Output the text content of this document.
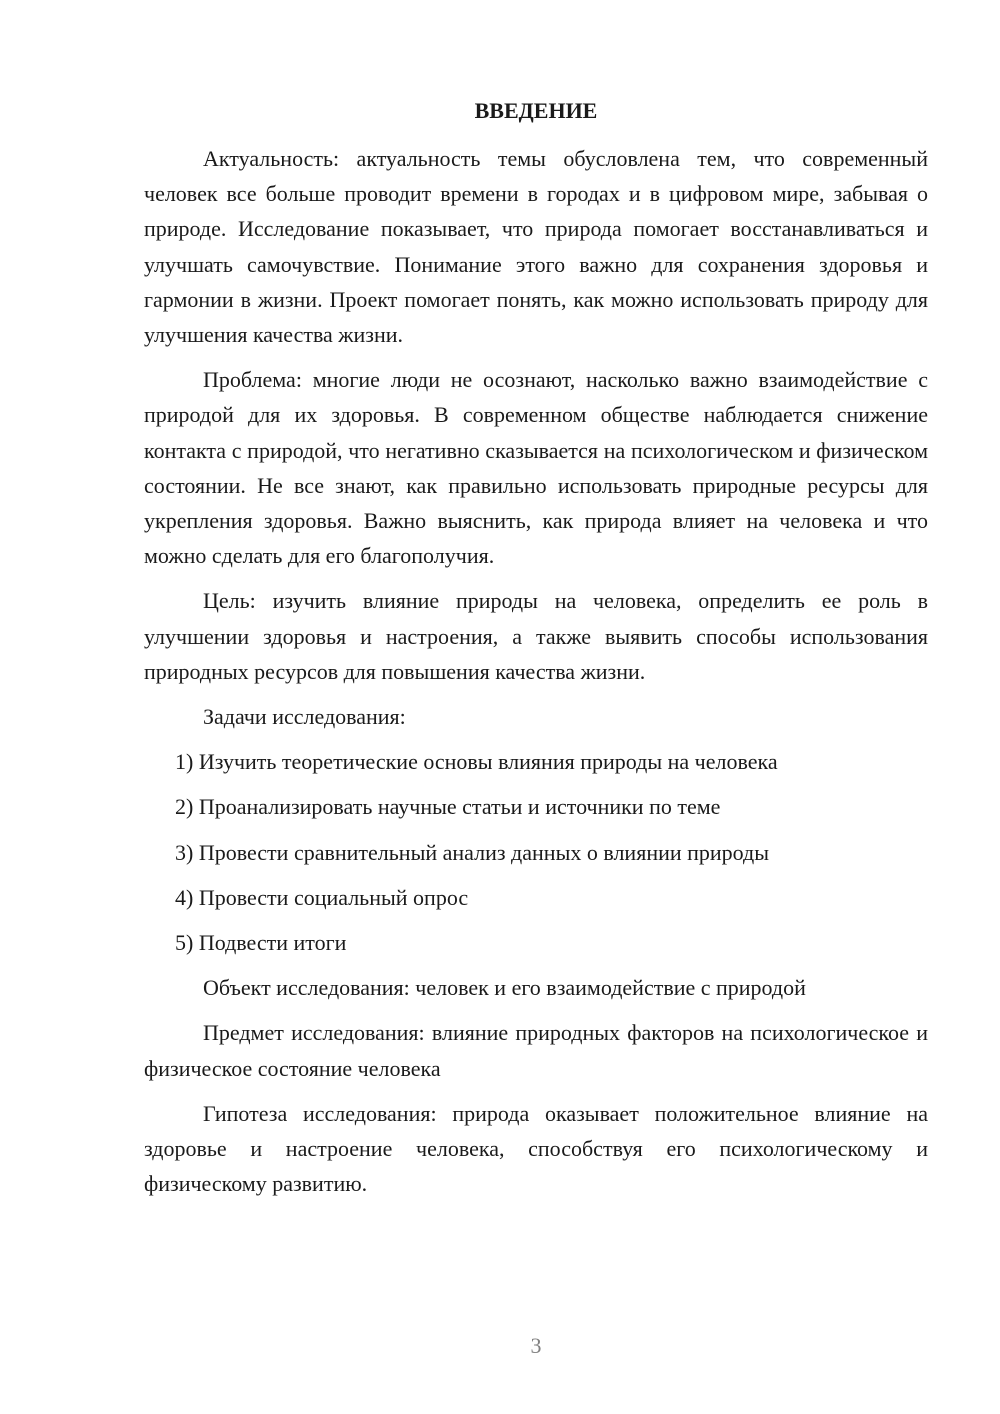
ВВЕДЕНИЕ

Актуальность: актуальность темы обусловлена тем, что современный человек все больше проводит времени в городах и в цифровом мире, забывая о природе. Исследование показывает, что природа помогает восстанавливаться и улучшать самочувствие. Понимание этого важно для сохранения здоровья и гармонии в жизни. Проект помогает понять, как можно использовать природу для улучшения качества жизни.

Проблема: многие люди не осознают, насколько важно взаимодействие с природой для их здоровья. В современном обществе наблюдается снижение контакта с природой, что негативно сказывается на психологическом и физическом состоянии. Не все знают, как правильно использовать природные ресурсы для укрепления здоровья. Важно выяснить, как природа влияет на человека и что можно сделать для его благополучия.

Цель: изучить влияние природы на человека, определить ее роль в улучшении здоровья и настроения, а также выявить способы использования природных ресурсов для повышения качества жизни.

Задачи исследования:

1) Изучить теоретические основы влияния природы на человека

2) Проанализировать научные статьи и источники по теме

3) Провести сравнительный анализ данных о влиянии природы

4) Провести социальный опрос

5) Подвести итоги

Объект исследования: человек и его взаимодействие с природой

Предмет исследования: влияние природных факторов на психологическое и физическое состояние человека

Гипотеза исследования: природа оказывает положительное влияние на здоровье и настроение человека, способствуя его психологическому и физическому развитию.

3
